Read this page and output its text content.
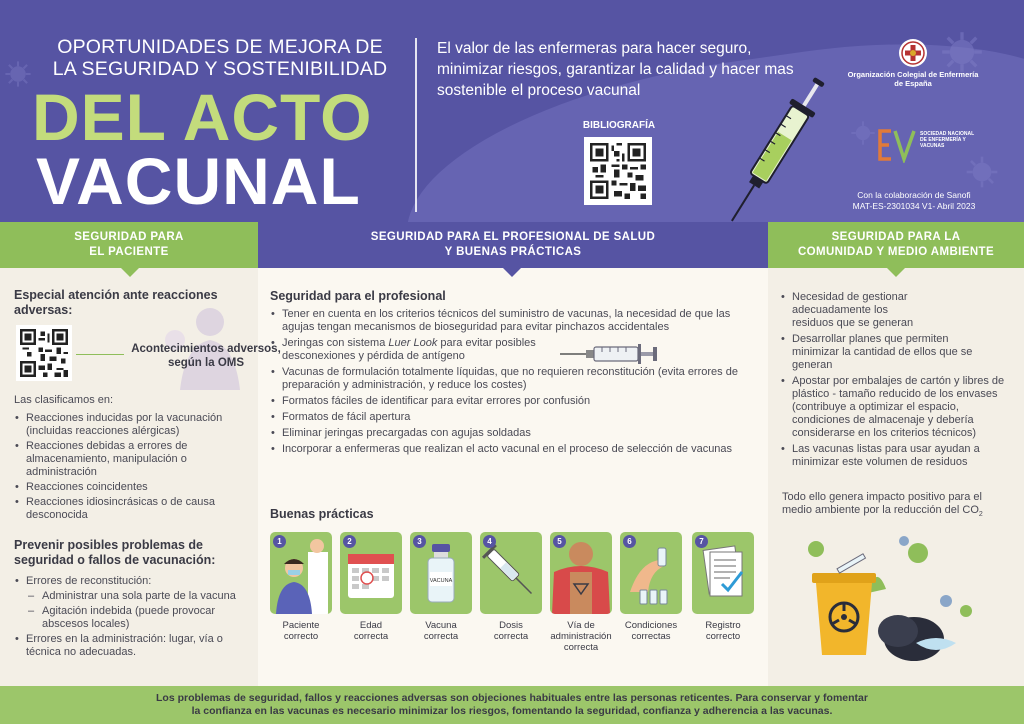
OPORTUNIDADES DE MEJORA DE
LA SEGURIDAD Y SOSTENIBILIDAD
DEL ACTO
VACUNAL
El valor de las enfermeras para hacer seguro, minimizar riesgos, garantizar la calidad y hacer mas sostenible el proceso vacunal
BIBLIOGRAFÍA
Organización Colegial de Enfermería
de España
SOCIEDAD NACIONAL DE ENFERMERÍA Y VACUNAS
Con la colaboración de Sanofi
MAT-ES-2301034 V1- Abril 2023
SEGURIDAD PARA
EL PACIENTE
SEGURIDAD PARA EL PROFESIONAL DE SALUD
Y BUENAS PRÁCTICAS
SEGURIDAD PARA LA
COMUNIDAD Y MEDIO AMBIENTE
Especial atención ante reacciones adversas:
Acontecimientos adversos, según la OMS
Las clasificamos en:
• Reacciones inducidas por la vacunación (incluidas reacciones alérgicas)
• Reacciones debidas a errores de almacenamiento, manipulación o administración
• Reacciones coincidentes
• Reacciones idiosincrásicas o de causa desconocida
Prevenir posibles problemas de seguridad o fallos de vacunación:
• Errores de reconstitución:
– Administrar una sola parte de la vacuna
– Agitación indebida (puede provocar abscesos locales)
• Errores en la administración: lugar, vía o técnica no adecuadas.
Seguridad para el profesional
• Tener en cuenta en los criterios técnicos del suministro de vacunas, la necesidad de que las agujas tengan mecanismos de bioseguridad para evitar pinchazos accidentales
• Jeringas con sistema Luer Look para evitar posibles desconexiones y pérdida de antígeno
• Vacunas de formulación totalmente líquidas, que no requieren reconstitución (evita errores de preparación y administración, y reduce los costes)
• Formatos fáciles de identificar para evitar errores por confusión
• Formatos de fácil apertura
• Eliminar jeringas precargadas con agujas soldadas
• Incorporar a enfermeras que realizan el acto vacunal en el proceso de selección de vacunas
Buenas prácticas
1	2
VACUNA
3	4	5	6	7
Paciente
correcto
Edad
correcta
Vacuna
correcta
Dosis
correcta
Vía de
administración
correcta
Condiciones
correctas
Registro
correcto
• Necesidad de gestionar adecuadamente los residuos que se generan
• Desarrollar planes que permiten minimizar la cantidad de ellos que se generan
• Apostar por embalajes de cartón y libres de plástico - tamaño reducido de los envases (contribuye a optimizar el espacio, condiciones de almacenaje y debería considerarse en los criterios técnicos)
• Las vacunas listas para usar ayudan a minimizar este volumen de residuos
Todo ello genera impacto positivo para el medio ambiente por la reducción del $CO_2$
Los problemas de seguridad, fallos y reacciones adversas son objeciones habituales entre las personas reticentes. Para conservar y fomentar
la confianza en las vacunas es necesario minimizar los riesgos, fomentando la seguridad, confianza y adherencia a las vacunas.
